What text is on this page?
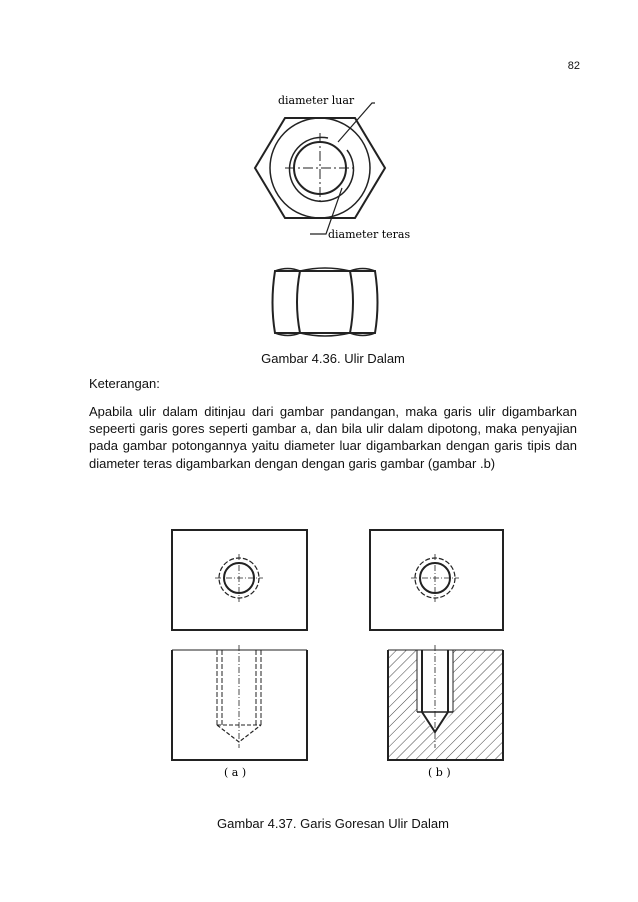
82
diameter luar
diameter teras
Gambar 4.36. Ulir Dalam
Keterangan:
Apabila ulir dalam ditinjau dari gambar pandangan, maka garis ulir digambarkan sepeerti garis gores seperti gambar a, dan bila ulir dalam dipotong, maka penyajian pada gambar potongannya yaitu diameter luar digambarkan dengan garis tipis dan diameter teras digambarkan dengan dengan garis gambar (gambar .b)
( a )	( b )
Gambar 4.37. Garis Goresan Ulir Dalam
